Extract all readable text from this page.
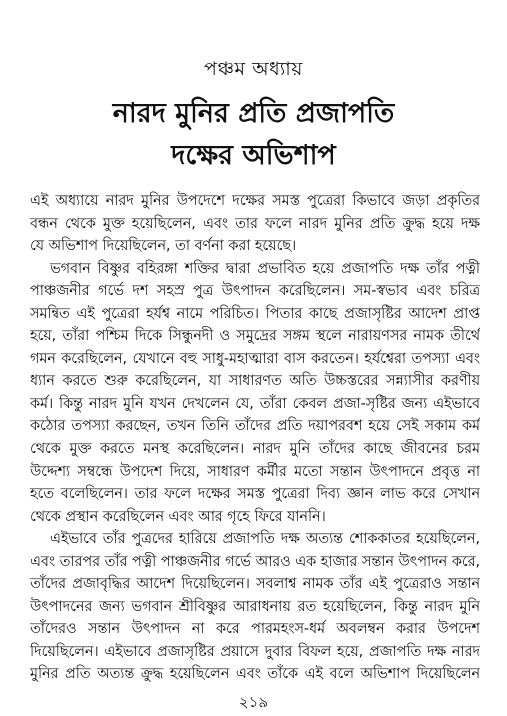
পঞ্চম অধ্যায়
নারদ মুনির প্রতি প্রজাপতি
দক্ষের অভিশাপ
এই অধ্যায়ে নারদ মুনির উপদেশে দক্ষের সমস্ত পুত্রেরা কিভাবে জড়া প্রকৃতির
বন্ধন থেকে মুক্ত হয়েছিলেন, এবং তার ফলে নারদ মুনির প্রতি ক্রুদ্ধ হয়ে দক্ষ
যে অভিশাপ দিয়েছিলেন, তা বর্ণনা করা হয়েছে।
ভগবান বিষ্ণুর বহিরঙ্গা শক্তির দ্বারা প্রভাবিত হয়ে প্রজাপতি দক্ষ তাঁর পত্নী
পাঞ্চজনীর গর্ভে দশ সহস্র পুত্র উৎপাদন করেছিলেন। সম-স্বভাব এবং চরিত্র
সমন্বিত এই পুত্রেরা হর্যশ্ব নামে পরিচিত। পিতার কাছে প্রজাসৃষ্টির আদেশ প্রাপ্ত
হয়ে, তাঁরা পশ্চিম দিকে সিন্ধুনদী ও সমুদ্রের সঙ্গম স্থলে নারায়ণসর নামক তীর্থে
গমন করেছিলেন, যেখানে বহু সাধু-মহাত্মারা বাস করতেন। হর্যশ্বেরা তপস্যা এবং
ধ্যান করতে শুরু করেছিলেন, যা সাধারণত অতি উচ্চস্তরের সন্ন্যাসীর করণীয়
কর্ম। কিন্তু নারদ মুনি যখন দেখলেন যে, তাঁরা কেবল প্রজা-সৃষ্টির জন্য এইভাবে
কঠোর তপস্যা করছেন, তখন তিনি তাঁদের প্রতি দয়াপরবশ হয়ে সেই সকাম কর্ম
থেকে মুক্ত করতে মনস্থ করেছিলেন। নারদ মুনি তাঁদের কাছে জীবনের চরম
উদ্দেশ্য সম্বন্ধে উপদেশ দিয়ে, সাধারণ কর্মীর মতো সন্তান উৎপাদনে প্রবৃত্ত না
হতে বলেছিলেন। তার ফলে দক্ষের সমস্ত পুত্রেরা দিব্য জ্ঞান লাভ করে সেখান
থেকে প্রস্থান করেছিলেন এবং আর গৃহে ফিরে যাননি।
এইভাবে তাঁর পুত্রদের হারিয়ে প্রজাপতি দক্ষ অত্যন্ত শোককাতর হয়েছিলেন,
এবং তারপর তাঁর পত্নী পাঞ্চজনীর গর্ভে আরও এক হাজার সন্তান উৎপাদন করে,
তাঁদের প্রজাবৃদ্ধির আদেশ দিয়েছিলেন। সবলাশ্ব নামক তাঁর এই পুত্রেরাও সন্তান
উৎপাদনের জন্য ভগবান শ্রীবিষ্ণুর আরাধনায় রত হয়েছিলেন, কিন্তু নারদ মুনি
তাঁদেরও সন্তান উৎপাদন না করে পারমহংস-ধর্ম অবলম্বন করার উপদেশ
দিয়েছিলেন। এইভাবে প্রজাসৃষ্টির প্রয়াসে দুবার বিফল হয়ে, প্রজাপতি দক্ষ নারদ
মুনির প্রতি অত্যন্ত ক্রুদ্ধ হয়েছিলেন এবং তাঁকে এই বলে অভিশাপ দিয়েছিলেন
২১৯
